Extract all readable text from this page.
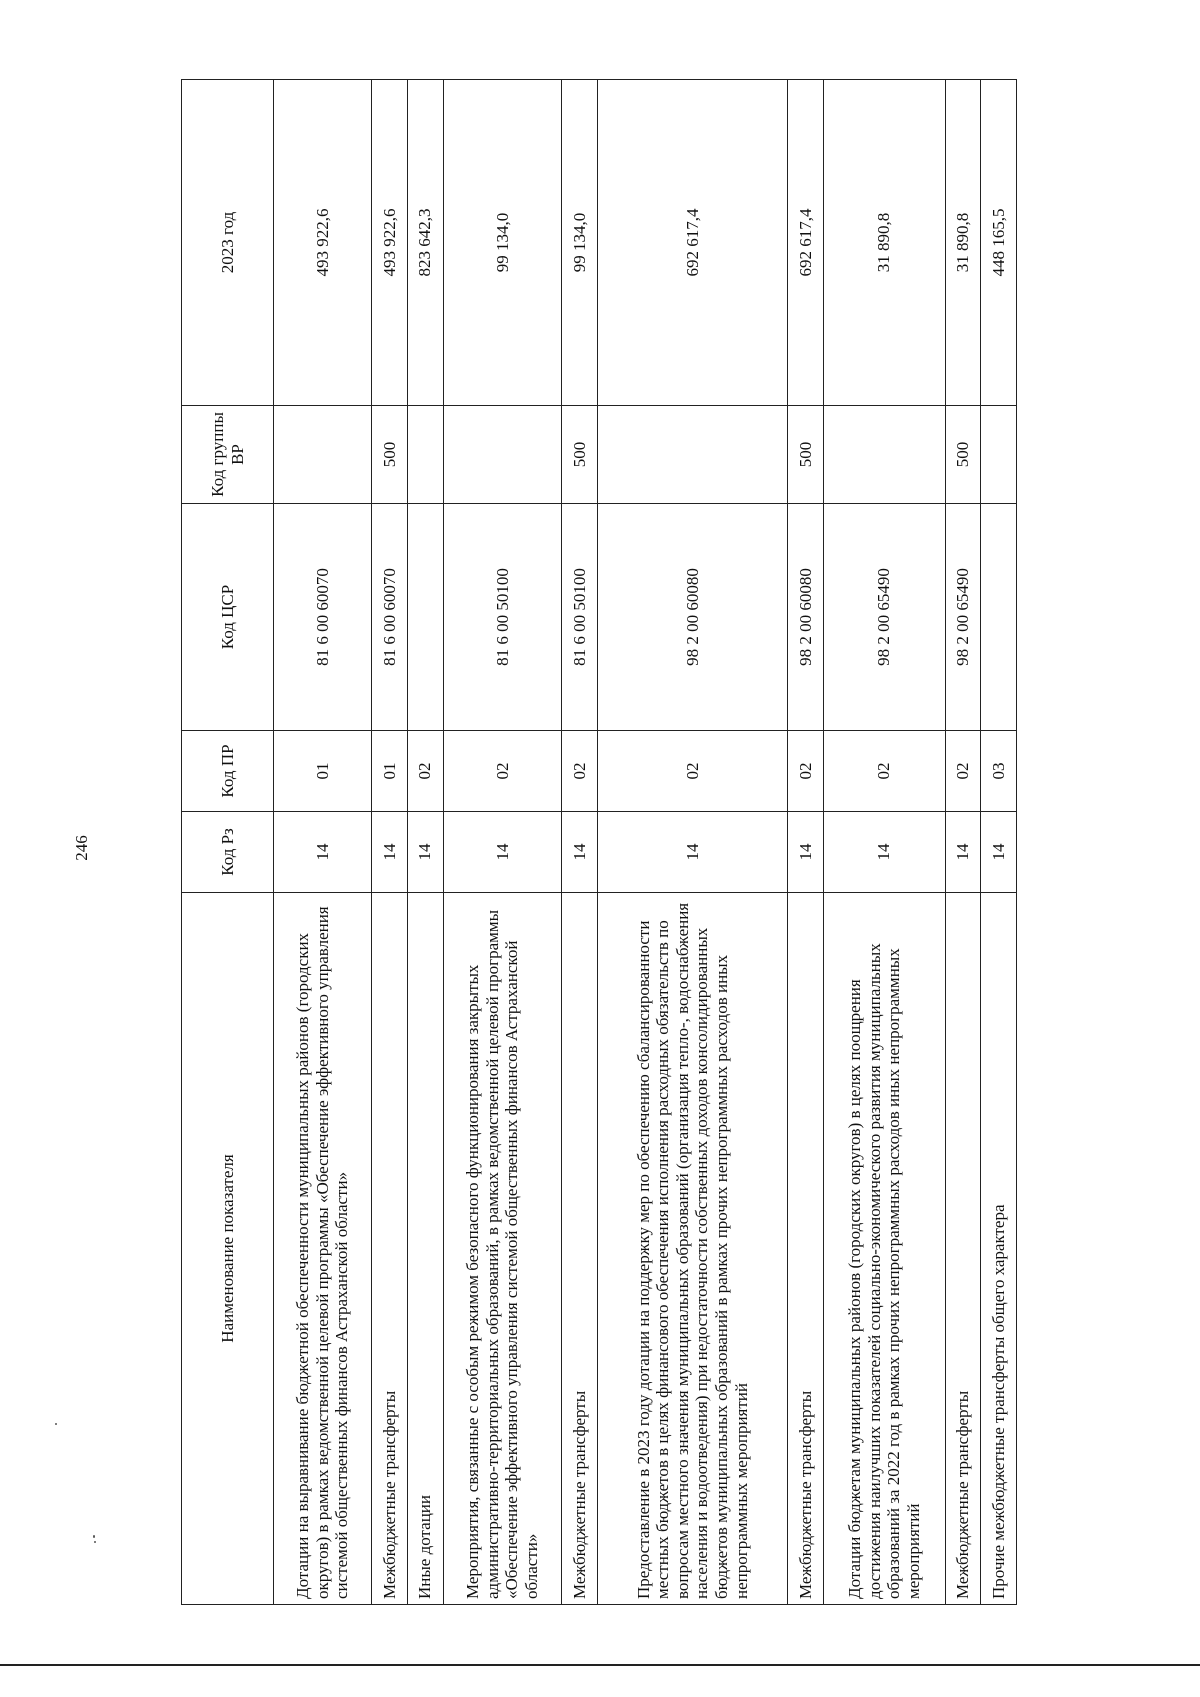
246
Наименование показателя	Код Рз	Код ПР	Код ЦСР	Код группы ВР	2023 год
Дотации на выравнивание бюджетной обеспеченности муниципальных районов (городских округов) в рамках ведомственной целевой программы «Обеспечение эффективного управления системой общественных финансов Астраханской области»	14	01	81 6 00 60070		493 922,6
Межбюджетные трансферты	14	01	81 6 00 60070	500	493 922,6
Иные дотации	14	02			823 642,3
Мероприятия, связанные с особым режимом безопасного функционирования закрытых административно-территориальных образований, в рамках ведомственной целевой программы «Обеспечение эффективного управления системой общественных финансов Астраханской области»	14	02	81 6 00 50100		99 134,0
Межбюджетные трансферты	14	02	81 6 00 50100	500	99 134,0
Предоставление в 2023 году дотации на поддержку мер по обеспечению сбалансированности местных бюджетов в целях финансового обеспечения исполнения расходных обязательств по вопросам местного значения муниципальных образований (организация тепло-, водоснабжения населения и водоотведения) при недостаточности собственных доходов консолидированных бюджетов муниципальных образований в рамках прочих непрограммных расходов иных непрограммных мероприятий	14	02	98 2 00 60080		692 617,4
Межбюджетные трансферты	14	02	98 2 00 60080	500	692 617,4
Дотации бюджетам муниципальных районов (городских округов) в целях поощрения достижения наилучших показателей социально-экономического развития муниципальных образований за 2022 год в рамках прочих непрограммных расходов иных непрограммных мероприятий	14	02	98 2 00 65490		31 890,8
Межбюджетные трансферты	14	02	98 2 00 65490	500	31 890,8
Прочие межбюджетные трансферты общего характера	14	03			448 165,5
